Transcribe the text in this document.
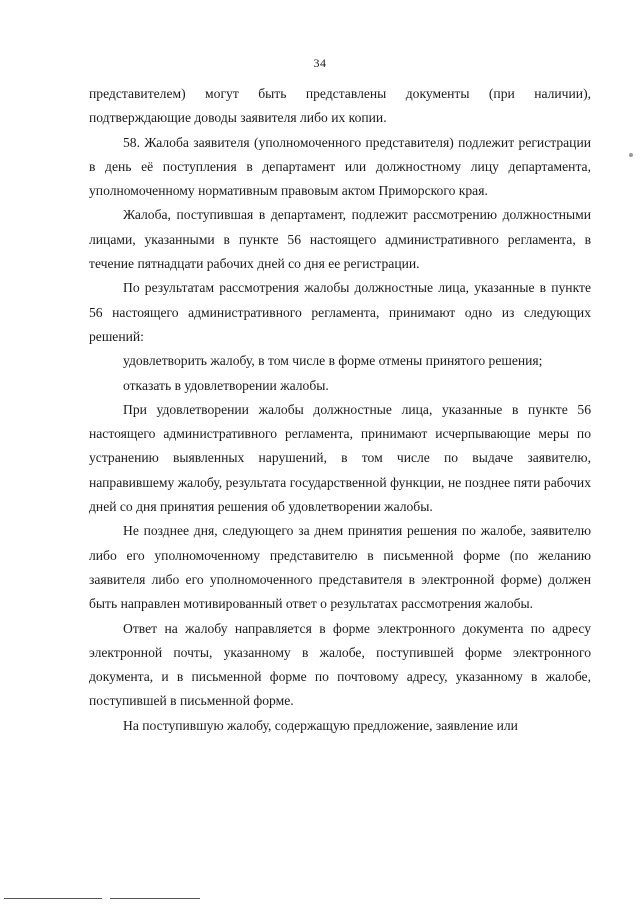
34

представителем) могут быть представлены документы (при наличии), подтверждающие доводы заявителя либо их копии.

58. Жалоба заявителя (уполномоченного представителя) подлежит регистрации в день её поступления в департамент или должностному лицу департамента, уполномоченному нормативным правовым актом Приморского края.

Жалоба, поступившая в департамент, подлежит рассмотрению должностными лицами, указанными в пункте 56 настоящего административного регламента, в течение пятнадцати рабочих дней со дня ее регистрации.

По результатам рассмотрения жалобы должностные лица, указанные в пункте 56 настоящего административного регламента, принимают одно из следующих решений:

удовлетворить жалобу, в том числе в форме отмены принятого решения;

отказать в удовлетворении жалобы.

При удовлетворении жалобы должностные лица, указанные в пункте 56 настоящего административного регламента, принимают исчерпывающие меры по устранению выявленных нарушений, в том числе по выдаче заявителю, направившему жалобу, результата государственной функции, не позднее пяти рабочих дней со дня принятия решения об удовлетворении жалобы.

Не позднее дня, следующего за днем принятия решения по жалобе, заявителю либо его уполномоченному представителю в письменной форме (по желанию заявителя либо его уполномоченного представителя в электронной форме) должен быть направлен мотивированный ответ о результатах рассмотрения жалобы.

Ответ на жалобу направляется в форме электронного документа по адресу электронной почты, указанному в жалобе, поступившей форме электронного документа, и в письменной форме по почтовому адресу, указанному в жалобе, поступившей в письменной форме.

На поступившую жалобу, содержащую предложение, заявление или
